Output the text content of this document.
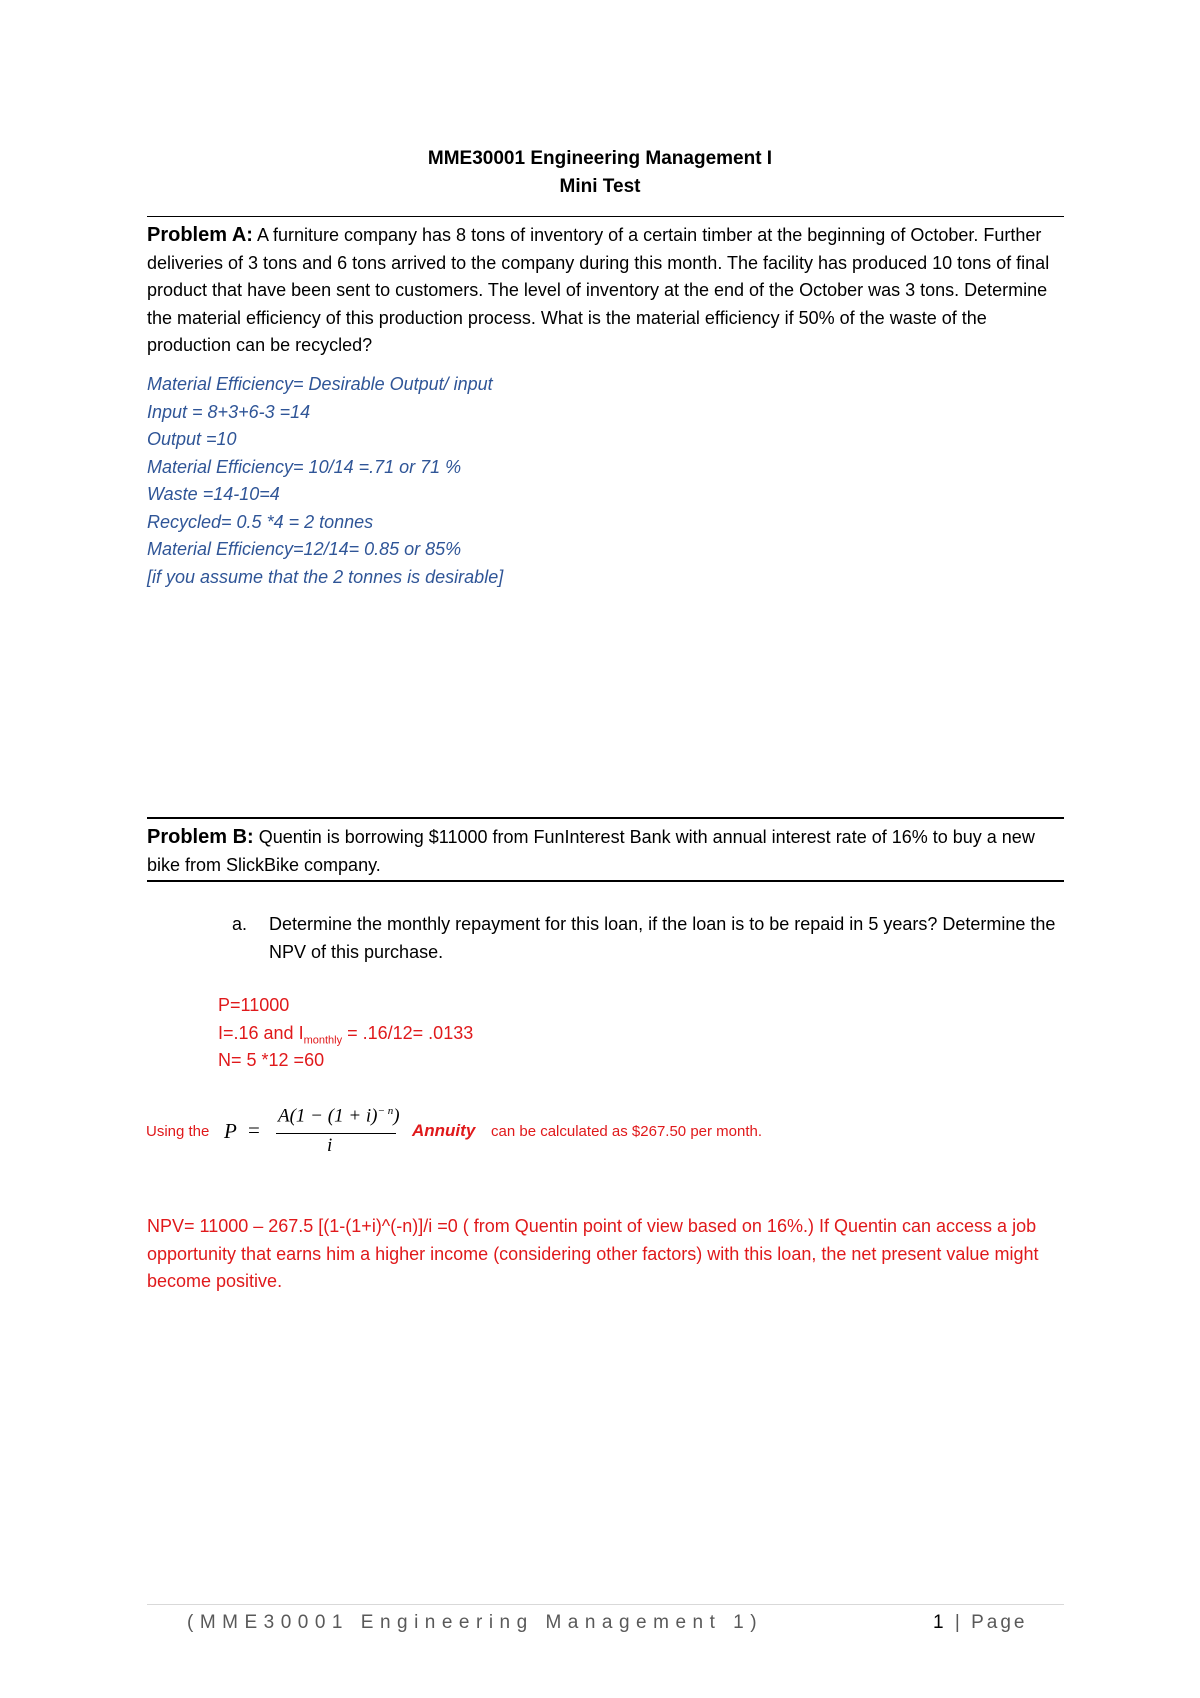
MME30001 Engineering Management I
Mini Test
Problem A: A furniture company has 8 tons of inventory of a certain timber at the beginning of October. Further deliveries of 3 tons and 6 tons arrived to the company during this month. The facility has produced 10 tons of final product that have been sent to customers. The level of inventory at the end of the October was 3 tons. Determine the material efficiency of this production process. What is the material efficiency if 50% of the waste of the production can be recycled?
Material Efficiency= Desirable Output/ input
Input = 8+3+6-3 =14
Output =10
Material Efficiency= 10/14 =.71 or 71 %
Waste =14-10=4
Recycled= 0.5 *4 = 2 tonnes
Material Efficiency=12/14= 0.85 or 85%
[if you assume that the 2 tonnes is desirable]
Problem B: Quentin is borrowing $11000 from FunInterest Bank with annual interest rate of 16% to buy a new bike from SlickBike company.
a. Determine the monthly repayment for this loan, if the loan is to be repaid in 5 years? Determine the NPV of this purchase.
P=11000
I=.16 and $I_{monthly} = .16/12= .0133$
N= 5 *12 =60
Using the P =
$A(1 - (1 + i)^{- n})$
i
Annuity can be calculated as $267.50 per month.
NPV= 11000 – 267.5 [(1-(1+i)^(-n)]/i =0 ( from Quentin point of view based on 16%.) If Quentin can access a job opportunity that earns him a higher income (considering other factors) with this loan, the net present value might become positive.
(MME30001 Engineering Management 1)	1 | Page
